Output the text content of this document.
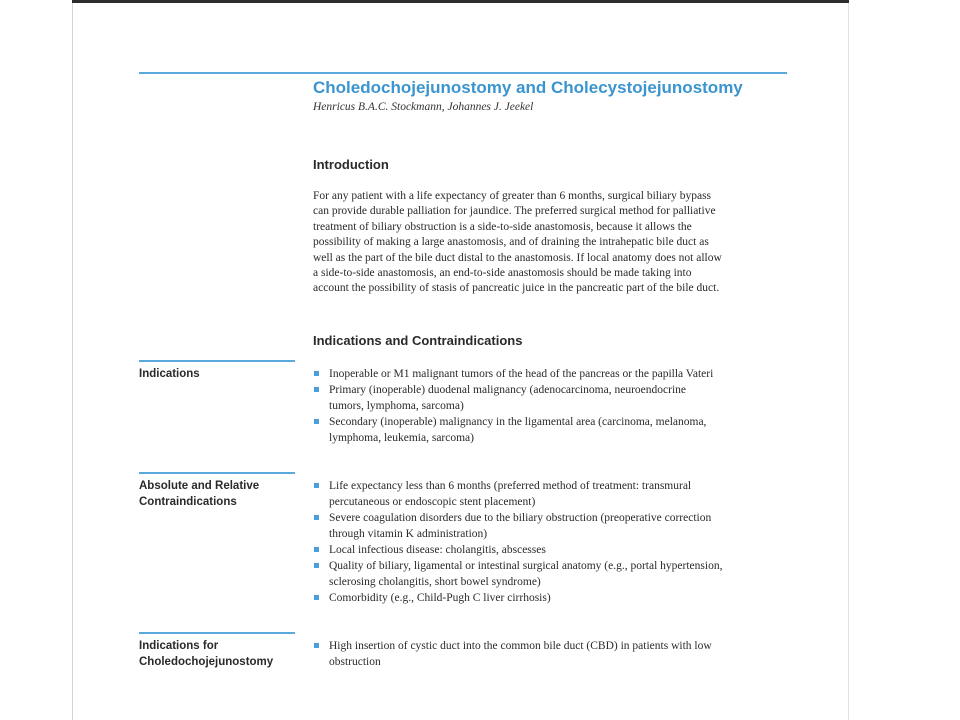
Choledochojejunostomy and Cholecystojejunostomy

Henricus B.A.C. Stockmann, Johannes J. Jeekel

Introduction

For any patient with a life expectancy of greater than 6 months, surgical biliary bypass
can provide durable palliation for jaundice. The preferred surgical method for palliative
treatment of biliary obstruction is a side-to-side anastomosis, because it allows the
possibility of making a large anastomosis, and of draining the intrahepatic bile duct as
well as the part of the bile duct distal to the anastomosis. If local anatomy does not allow
a side-to-side anastomosis, an end-to-side anastomosis should be made taking into
account the possibility of stasis of pancreatic juice in the pancreatic part of the bile duct.

Indications and Contraindications
Indications	Inoperable or M1 malignant tumors of the head of the pancreas or the papilla Vateri
Primary (inoperable) duodenal malignancy (adenocarcinoma, neuroendocrine
tumors, lymphoma, sarcoma)
Secondary (inoperable) malignancy in the ligamental area (carcinoma, melanoma,
lymphoma, leukemia, sarcoma)
Absolute and Relative
Contraindications
Life expectancy less than 6 months (preferred method of treatment: transmural
percutaneous or endoscopic stent placement)
Severe coagulation disorders due to the biliary obstruction (preoperative correction
through vitamin K administration)
Local infectious disease: cholangitis, abscesses
Quality of biliary, ligamental or intestinal surgical anatomy (e.g., portal hypertension,
sclerosing cholangitis, short bowel syndrome)
Comorbidity (e.g., Child-Pugh C liver cirrhosis)
Indications for
Choledochojejunostomy
High insertion of cystic duct into the common bile duct (CBD) in patients with low
obstruction
